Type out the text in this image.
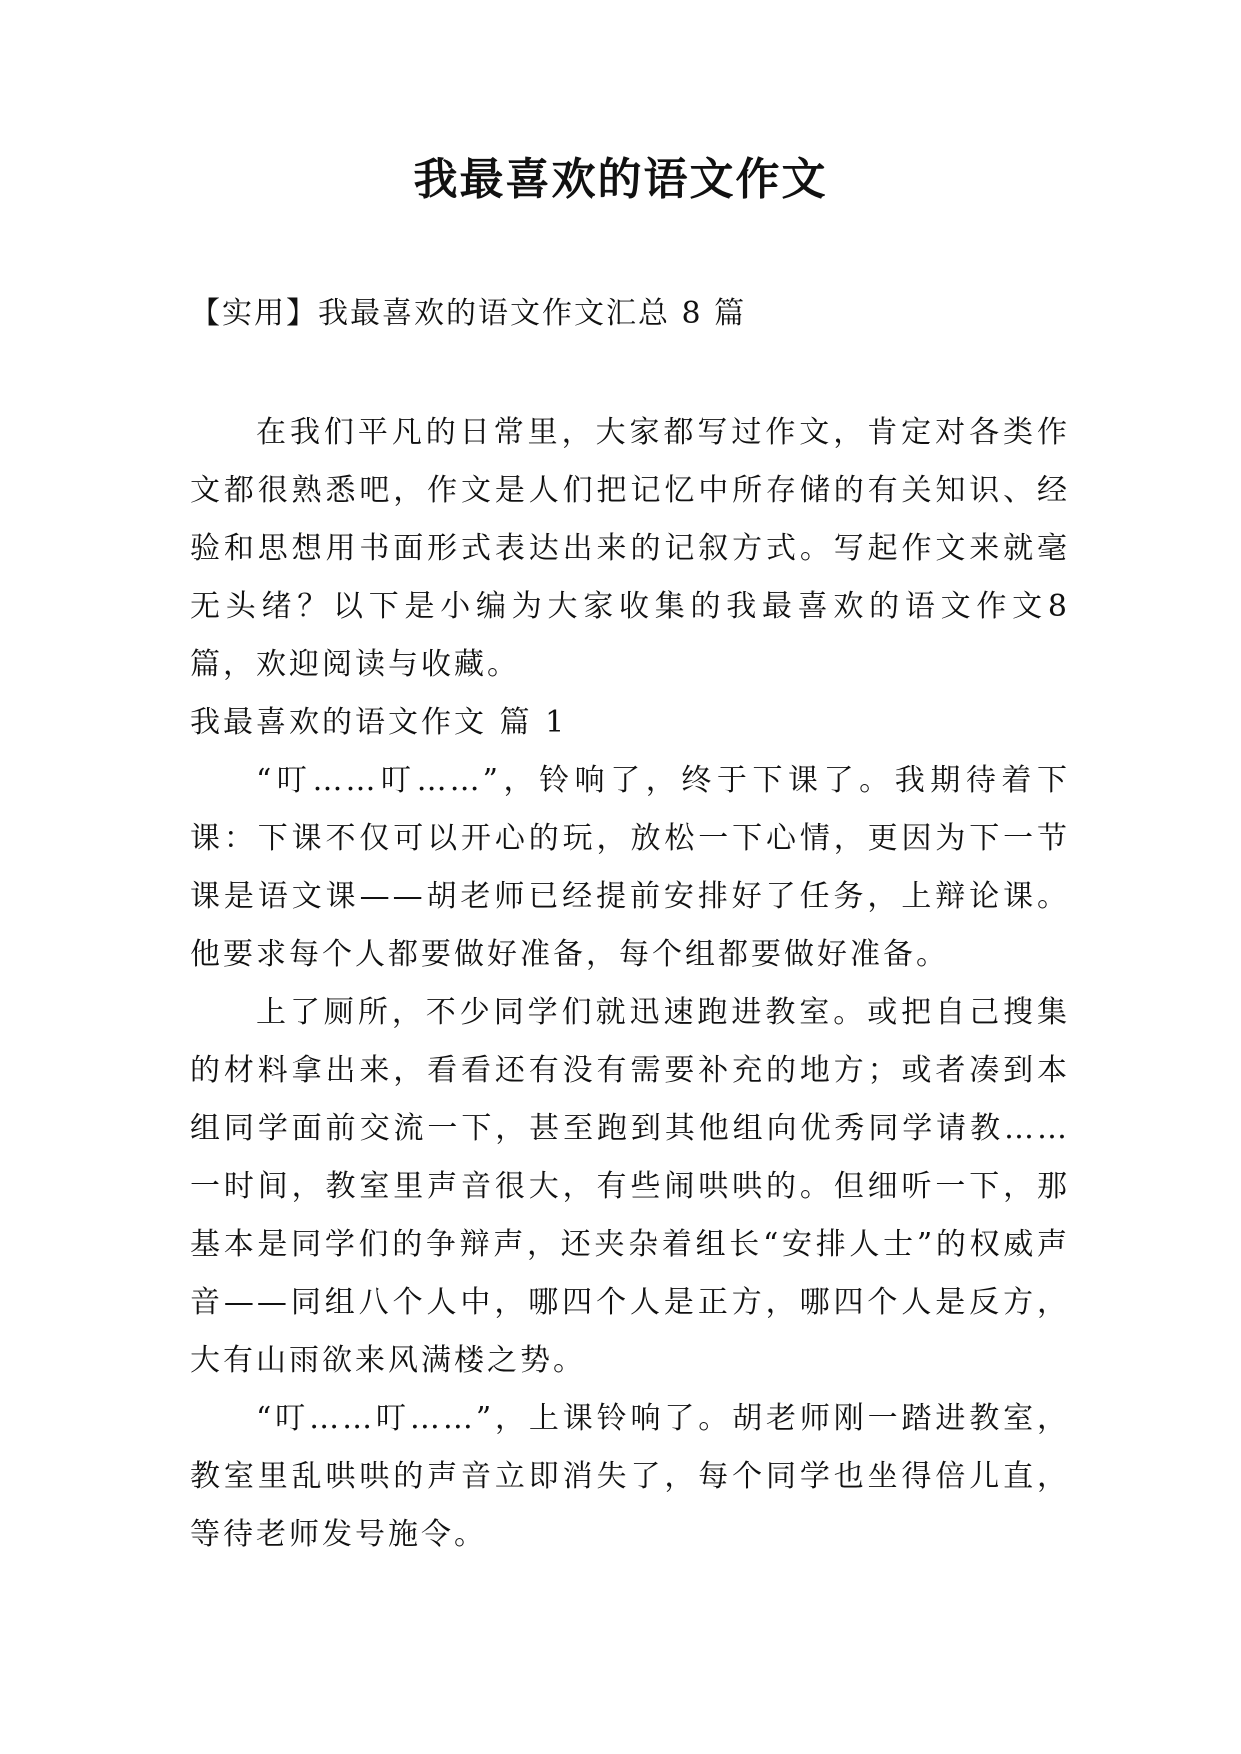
我最喜欢的语文作文
【实用】我最喜欢的语文作文汇总 8 篇

在我们平凡的日常里，大家都写过作文，肯定对各类作文都很熟悉吧，作文是人们把记忆中所存储的有关知识、经验和思想用书面形式表达出来的记叙方式。写起作文来就毫无头绪？以下是小编为大家收集的我最喜欢的语文作文8篇，欢迎阅读与收藏。

我最喜欢的语文作文 篇 1

“叮……叮……”，铃响了，终于下课了。我期待着下课：下课不仅可以开心的玩，放松一下心情，更因为下一节课是语文课——胡老师已经提前安排好了任务，上辩论课。他要求每个人都要做好准备，每个组都要做好准备。

上了厕所，不少同学们就迅速跑进教室。或把自己搜集的材料拿出来，看看还有没有需要补充的地方；或者凑到本组同学面前交流一下，甚至跑到其他组向优秀同学请教……一时间，教室里声音很大，有些闹哄哄的。但细听一下，那基本是同学们的争辩声，还夹杂着组长“安排人士”的权威声音——同组八个人中，哪四个人是正方，哪四个人是反方，大有山雨欲来风满楼之势。

“叮……叮……”，上课铃响了。胡老师刚一踏进教室，教室里乱哄哄的声音立即消失了，每个同学也坐得倍儿直，等待老师发号施令。
